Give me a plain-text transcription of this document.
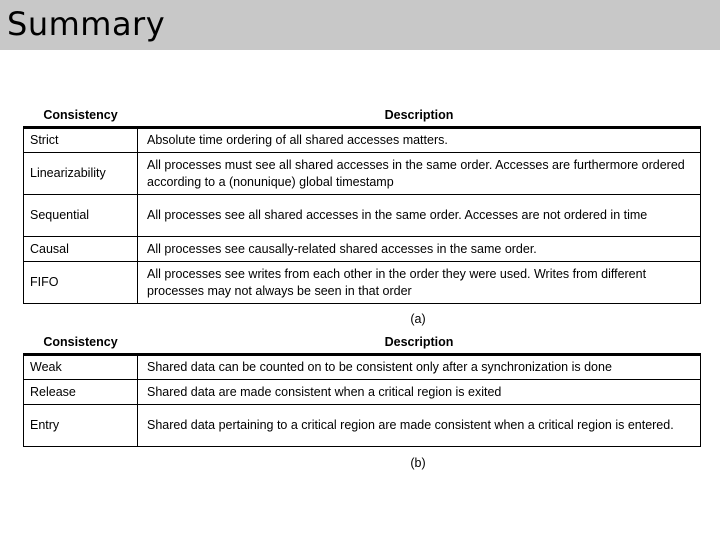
Summary
Consistency	Description
Strict	Absolute time ordering of all shared accesses matters.
Linearizability	All processes must see all shared accesses in the same order. Accesses are furthermore ordered according to a (nonunique) global timestamp
Sequential	All processes see all shared accesses in the same order. Accesses are not ordered in time
Causal	All processes see causally-related shared accesses in the same order.
FIFO	All processes see writes from each other in the order they were used. Writes from different processes may not always be seen in that order
(a)
Consistency	Description
Weak	Shared data can be counted on to be consistent only after a synchronization is done
Release	Shared data are made consistent when a critical region is exited
Entry	Shared data pertaining to a critical region are made consistent when a critical region is entered.
(b)
